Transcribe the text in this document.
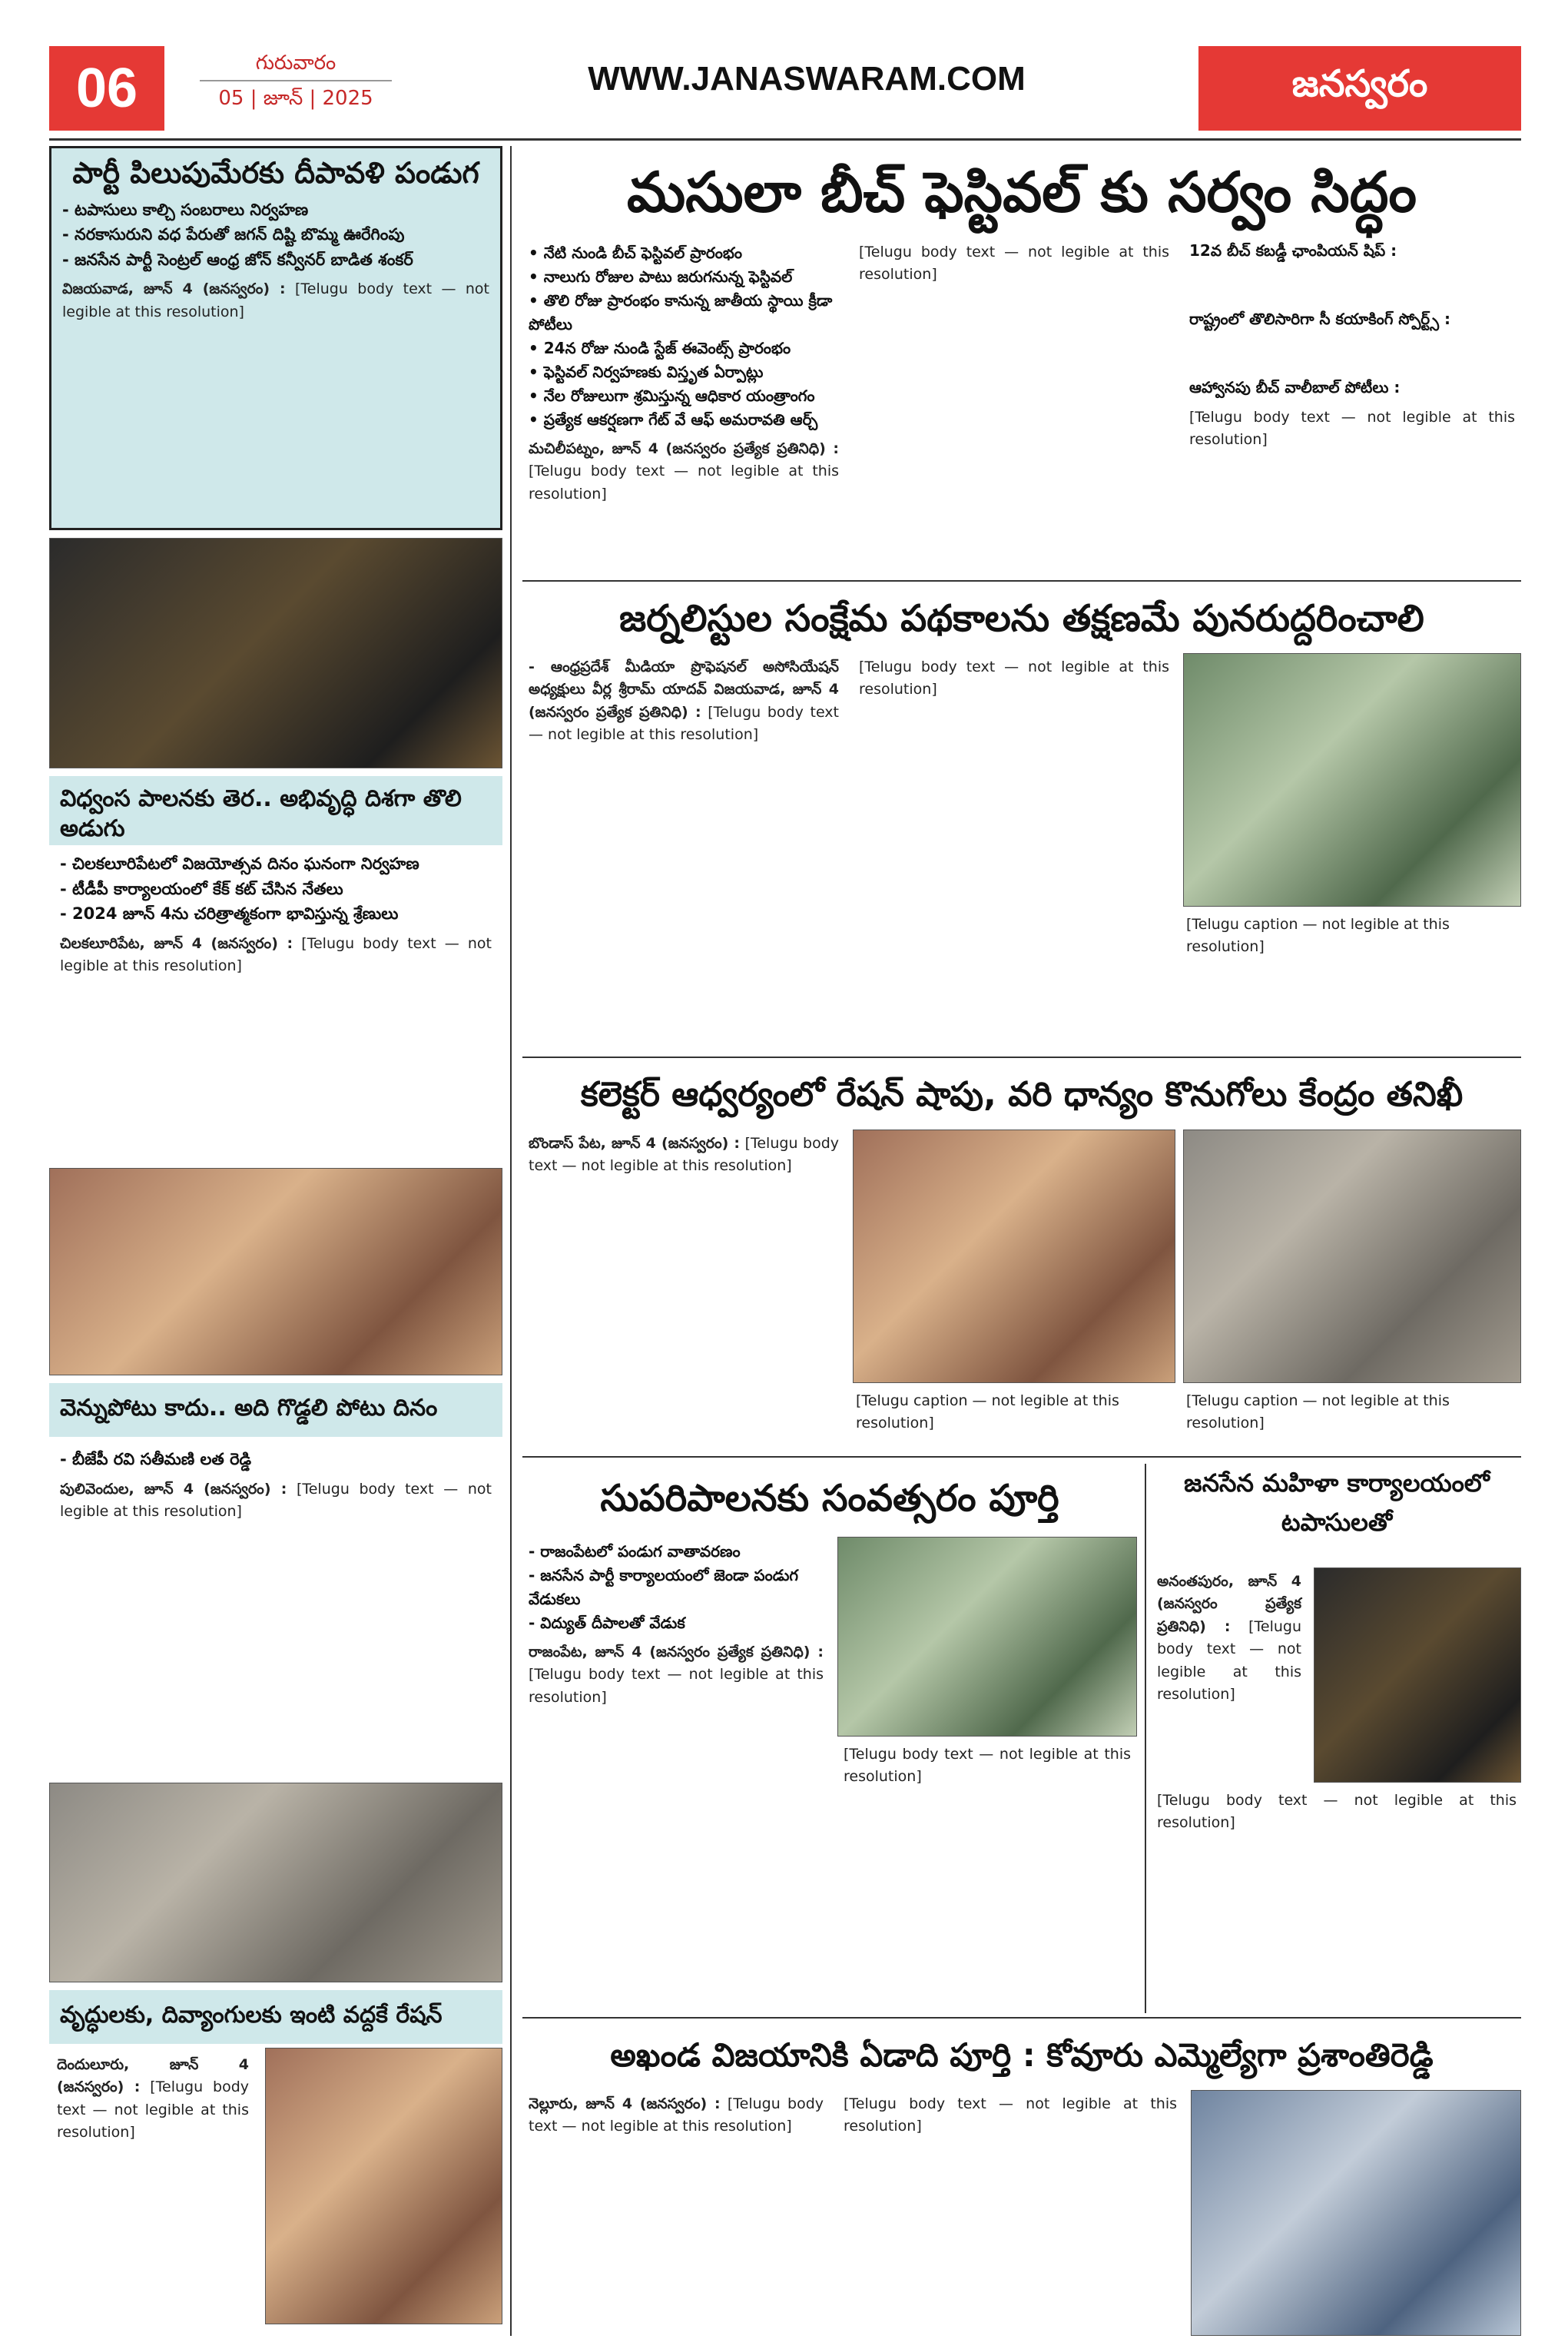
06	గురువారం
05 | జూన్ | 2025
WWW.JANASWARAM.COM	జనస్వరం
పార్టీ పిలుపుమేరకు దీపావళి పండుగ
- టపాసులు కాల్చి సంబరాలు నిర్వహణ
- నరకాసురుని వధ పేరుతో జగన్ దిష్టి బొమ్మ ఊరేగింపు
- జనసేన పార్టీ సెంట్రల్ ఆంధ్ర జోన్ కన్వీనర్ బాడిత శంకర్
విజయవాడ, జూన్ 4 (జనస్వరం) : [Telugu body text — not legible at this resolution]
విధ్వంస పాలనకు తెర.. అభివృద్ధి దిశగా తొలి అడుగు
- చిలకలూరిపేటలో విజయోత్సవ దినం ఘనంగా నిర్వహణ
- టీడీపీ కార్యాలయంలో కేక్ కట్ చేసిన నేతలు
- 2024 జూన్ 4ను చరిత్రాత్మకంగా భావిస్తున్న శ్రేణులు
చిలకలూరిపేట, జూన్ 4 (జనస్వరం) : [Telugu body text — not legible at this resolution]
వెన్నుపోటు కాదు.. అది గొడ్డలి పోటు దినం
- బీజేపీ రవి సతీమణి లత రెడ్డి
పులివెందుల, జూన్ 4 (జనస్వరం) : [Telugu body text — not legible at this resolution]
వృద్ధులకు, దివ్యాంగులకు ఇంటి వద్దకే రేషన్
దెందులూరు, జూన్ 4 (జనస్వరం) : [Telugu body text — not legible at this resolution]
మసులా బీచ్ ఫెస్టివల్ కు సర్వం సిద్ధం
• నేటి నుండి బీచ్ ఫెస్టివల్ ప్రారంభం
• నాలుగు రోజుల పాటు జరుగనున్న ఫెస్టివల్
• తొలి రోజు ప్రారంభం కానున్న జాతీయ స్థాయి క్రీడా పోటీలు
• 24న రోజు నుండి స్టేజ్ ఈవెంట్స్ ప్రారంభం
• ఫెస్టివల్ నిర్వహణకు విస్తృత ఏర్పాట్లు
• నేల రోజులుగా శ్రమిస్తున్న ఆధికార యంత్రాంగం
• ప్రత్యేక ఆకర్షణగా గేట్ వే ఆఫ్ అమరావతి ఆర్చ్
మచిలీపట్నం, జూన్ 4 (జనస్వరం ప్రత్యేక ప్రతినిధి) : [Telugu body text — not legible at this resolution]
[Telugu body text — not legible at this resolution]
12వ బీచ్ కబడ్డీ ఛాంపియన్ షిప్ :
రాష్ట్రంలో తొలిసారిగా సీ కయాకింగ్ స్పోర్ట్స్ :
ఆహ్వానపు బీచ్ వాలీబాల్ పోటీలు :
[Telugu body text — not legible at this resolution]
జర్నలిస్టుల సంక్షేమ పథకాలను తక్షణమే పునరుద్దరించాలి
- ఆంధ్రప్రదేశ్ మీడియా ప్రొఫెషనల్ అసోసియేషన్ అధ్యక్షులు వీర్ల శ్రీరామ్ యాదవ్ విజయవాడ, జూన్ 4 (జనస్వరం ప్రత్యేక ప్రతినిధి) : [Telugu body text — not legible at this resolution]
[Telugu body text — not legible at this resolution]
[Telugu caption — not legible at this resolution]
కలెక్టర్ ఆధ్వర్యంలో రేషన్ షాపు, వరి ధాన్యం కొనుగోలు కేంద్రం తనిఖీ
బొండాస్ పేట, జూన్ 4 (జనస్వరం) : [Telugu body text — not legible at this resolution]
[Telugu caption — not legible at this resolution]
[Telugu caption — not legible at this resolution]
సుపరిపాలనకు సంవత్సరం పూర్తి
- రాజంపేటలో పండుగ వాతావరణం
- జనసేన పార్టీ కార్యాలయంలో జెండా పండుగ వేడుకలు
- విద్యుత్ దీపాలతో వేడుక
రాజంపేట, జూన్ 4 (జనస్వరం ప్రత్యేక ప్రతినిధి) : [Telugu body text — not legible at this resolution]
[Telugu body text — not legible at this resolution]
జనసేన మహిళా కార్యాలయంలో టపాసులతో
అనంతపురం, జూన్ 4 (జనస్వరం ప్రత్యేక ప్రతినిధి) : [Telugu body text — not legible at this resolution]
[Telugu body text — not legible at this resolution]
అఖండ విజయానికి ఏడాది పూర్తి : కోవూరు ఎమ్మెల్యేగా ప్రశాంతిరెడ్డి
నెల్లూరు, జూన్ 4 (జనస్వరం) : [Telugu body text — not legible at this resolution]
[Telugu body text — not legible at this resolution]
